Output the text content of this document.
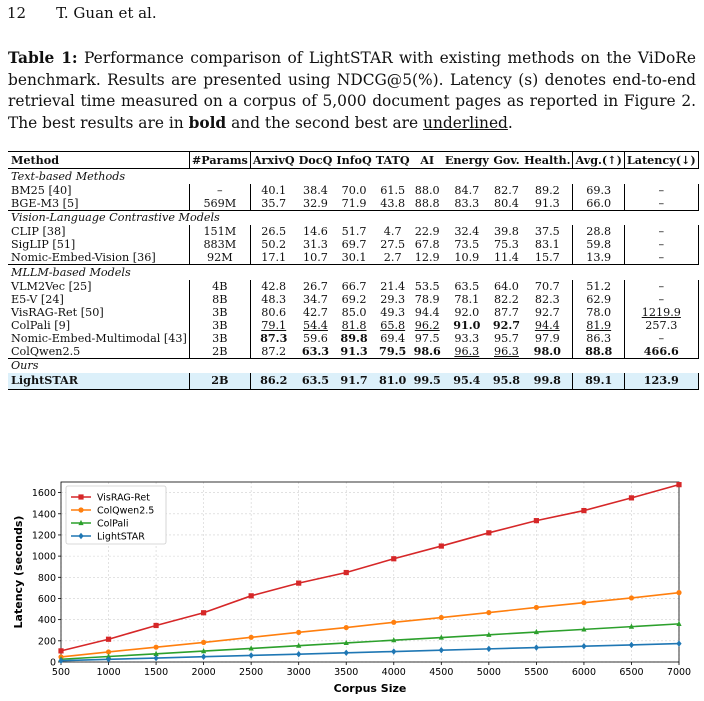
12 T. Guan et al.

Table 1: Performance comparison of LightSTAR with existing methods on the ViDoRe benchmark. Results are presented using NDCG@5(%). Latency (s) denotes end-to-end retrieval time measured on a corpus of 5,000 document pages as reported in Figure 2. The best results are in bold and the second best are underlined.

Method	#Params	ArxivQ	DocQ	InfoQ	TATQ	AI	Energy	Gov.	Health.	Avg.(↑)	Latency(↓)
Text-based Methods											
BM25 [40]	–	40.1	38.4	70.0	61.5	88.0	84.7	82.7	89.2	69.3	–
BGE-M3 [5]	569M	35.7	32.9	71.9	43.8	88.8	83.3	80.4	91.3	66.0	–
Vision-Language Contrastive Models											
CLIP [38]	151M	26.5	14.6	51.7	4.7	22.9	32.4	39.8	37.5	28.8	–
SigLIP [51]	883M	50.2	31.3	69.7	27.5	67.8	73.5	75.3	83.1	59.8	–
Nomic-Embed-Vision [36]	92M	17.1	10.7	30.1	2.7	12.9	10.9	11.4	15.7	13.9	–
MLLM-based Models											
VLM2Vec [25]	4B	42.8	26.7	66.7	21.4	53.5	63.5	64.0	70.7	51.2	–
E5-V [24]	8B	48.3	34.7	69.2	29.3	78.9	78.1	82.2	82.3	62.9	–
VisRAG-Ret [50]	3B	80.6	42.7	85.0	49.3	94.4	92.0	87.7	92.7	78.0	1219.9
ColPali [9]	3B	79.1	54.4	81.8	65.8	96.2	91.0	92.7	94.4	81.9	257.3
Nomic-Embed-Multimodal [43]	3B	87.3	59.6	89.8	69.4	97.5	93.3	95.7	97.9	86.3	–
ColQwen2.5	2B	87.2	63.3	91.3	79.5	98.6	96.3	96.3	98.0	88.8	466.6
Ours											
LightSTAR	2B	86.2	63.5	91.7	81.0	99.5	95.4	95.8	99.8	89.1	123.9
500	1000 1500 2000 2500 3000 3500 4000 4500 5000 5500 6000 6500 7000
0
200
400
600
800
1000
1200
1400
1600
Corpus Size
Latency (seconds)
VisRAG-Ret
ColQwen2.5
ColPali
LightSTAR
